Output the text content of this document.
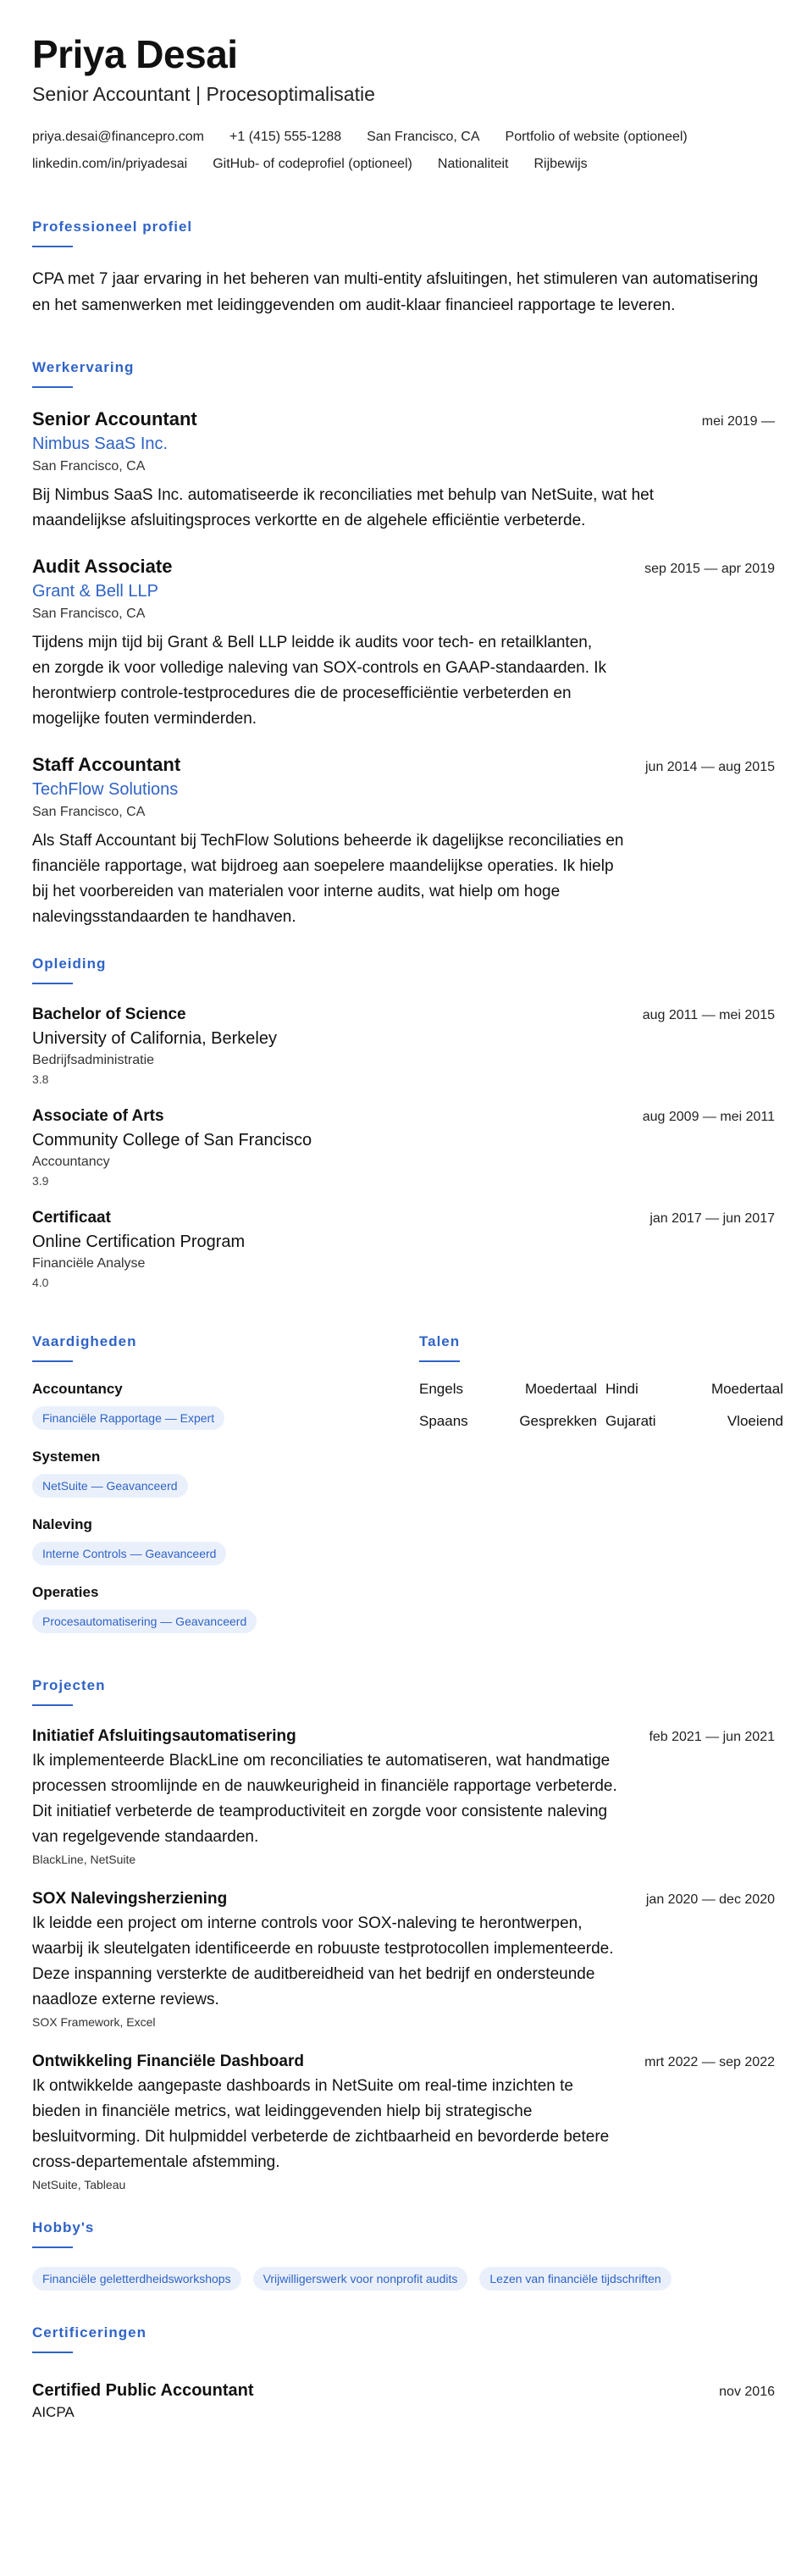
Priya Desai
Senior Accountant | Procesoptimalisatie
priya.desai@financepro.com +1 (415) 555-1288 San Francisco, CA Portfolio of website (optioneel)
linkedin.com/in/priyadesai GitHub- of codeprofiel (optioneel) Nationaliteit Rijbewijs
Professioneel profiel
CPA met 7 jaar ervaring in het beheren van multi-entity afsluitingen, het stimuleren van automatisering en het samenwerken met leidinggevenden om audit-klaar financieel rapportage te leveren.
Werkervaring
Senior Accountant	mei 2019 —
Nimbus SaaS Inc.
San Francisco, CA
Bij Nimbus SaaS Inc. automatiseerde ik reconciliaties met behulp van NetSuite, wat het maandelijkse afsluitingsproces verkortte en de algehele efficiëntie verbeterde.
Audit Associate	sep 2015 — apr 2019
Grant & Bell LLP
San Francisco, CA
Tijdens mijn tijd bij Grant & Bell LLP leidde ik audits voor tech- en retailklanten, en zorgde ik voor volledige naleving van SOX-controls en GAAP-standaarden. Ik herontwierp controle-testprocedures die de procesefficiëntie verbeterden en mogelijke fouten verminderden.
Staff Accountant	jun 2014 — aug 2015
TechFlow Solutions
San Francisco, CA
Als Staff Accountant bij TechFlow Solutions beheerde ik dagelijkse reconciliaties en financiële rapportage, wat bijdroeg aan soepelere maandelijkse operaties. Ik hielp bij het voorbereiden van materialen voor interne audits, wat hielp om hoge nalevingsstandaarden te handhaven.
Opleiding
Bachelor of Science	aug 2011 — mei 2015
University of California, Berkeley
Bedrijfsadministratie
3.8
Associate of Arts	aug 2009 — mei 2011
Community College of San Francisco
Accountancy
3.9
Certificaat	jan 2017 — jun 2017
Online Certification Program
Financiële Analyse
4.0
Vaardigheden
Accountancy
Financiële Rapportage — Expert
Systemen
NetSuite — Geavanceerd
Naleving
Interne Controls — Geavanceerd
Operaties
Procesautomatisering — Geavanceerd
Talen
Engels	Moedertaal Hindi	Moedertaal
Spaans	Gesprekken Gujarati	Vloeiend
Projecten
Initiatief Afsluitingsautomatisering	feb 2021 — jun 2021
Ik implementeerde BlackLine om reconciliaties te automatiseren, wat handmatige processen stroomlijnde en de nauwkeurigheid in financiële rapportage verbeterde. Dit initiatief verbeterde de teamproductiviteit en zorgde voor consistente naleving van regelgevende standaarden.
BlackLine, NetSuite
SOX Nalevingsherziening	jan 2020 — dec 2020
Ik leidde een project om interne controls voor SOX-naleving te herontwerpen, waarbij ik sleutelgaten identificeerde en robuuste testprotocollen implementeerde. Deze inspanning versterkte de auditbereidheid van het bedrijf en ondersteunde naadloze externe reviews.
SOX Framework, Excel
Ontwikkeling Financiële Dashboard	mrt 2022 — sep 2022
Ik ontwikkelde aangepaste dashboards in NetSuite om real-time inzichten te bieden in financiële metrics, wat leidinggevenden hielp bij strategische besluitvorming. Dit hulpmiddel verbeterde de zichtbaarheid en bevorderde betere cross-departementale afstemming.
NetSuite, Tableau
Hobby's
Financiële geletterdheidsworkshops	Vrijwilligerswerk voor nonprofit audits	Lezen van financiële tijdschriften
Certificeringen
Certified Public Accountant	nov 2016
AICPA
